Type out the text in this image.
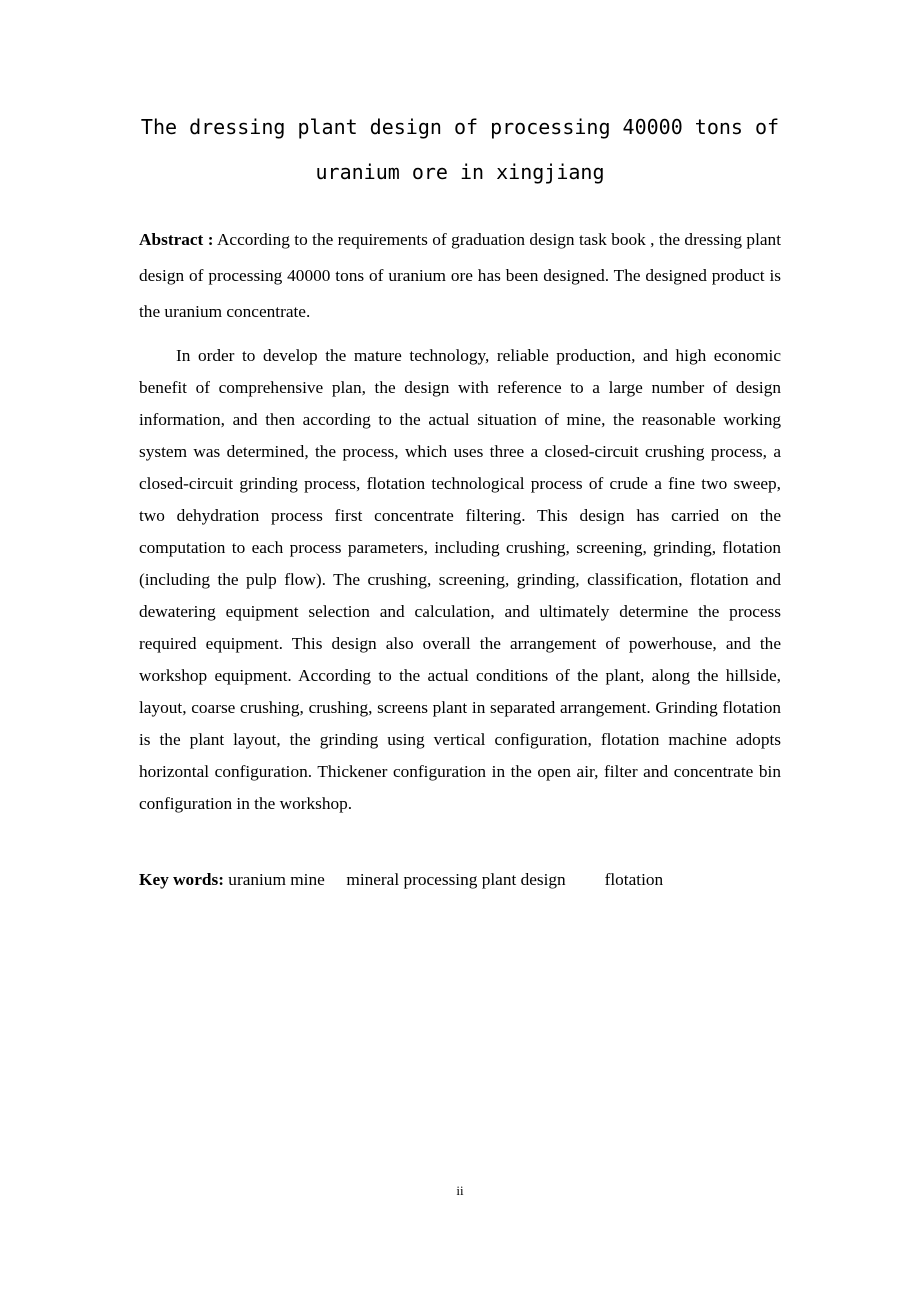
The dressing plant design of processing 40000 tons of
uranium ore in xingjiang
Abstract : According to the requirements of graduation design task book , the dressing plant design of processing 40000 tons of uranium ore has been designed. The designed product is the uranium concentrate.
In order to develop the mature technology, reliable production, and high economic benefit of comprehensive plan, the design with reference to a large number of design information, and then according to the actual situation of mine, the reasonable working system was determined, the process, which uses three a closed-circuit crushing process, a closed-circuit grinding process, flotation technological process of crude a fine two sweep, two dehydration process first concentrate filtering. This design has carried on the computation to each process parameters, including crushing, screening, grinding, flotation (including the pulp flow). The crushing, screening, grinding, classification, flotation and dewatering equipment selection and calculation, and ultimately determine the process required equipment. This design also overall the arrangement of powerhouse, and the workshop equipment. According to the actual conditions of the plant, along the hillside, layout, coarse crushing, crushing, screens plant in separated arrangement. Grinding flotation is the plant layout, the grinding using vertical configuration, flotation machine adopts horizontal configuration. Thickener configuration in the open air, filter and concentrate bin configuration in the workshop.
Key words: uranium mine mineral processing plant design flotation
ii
